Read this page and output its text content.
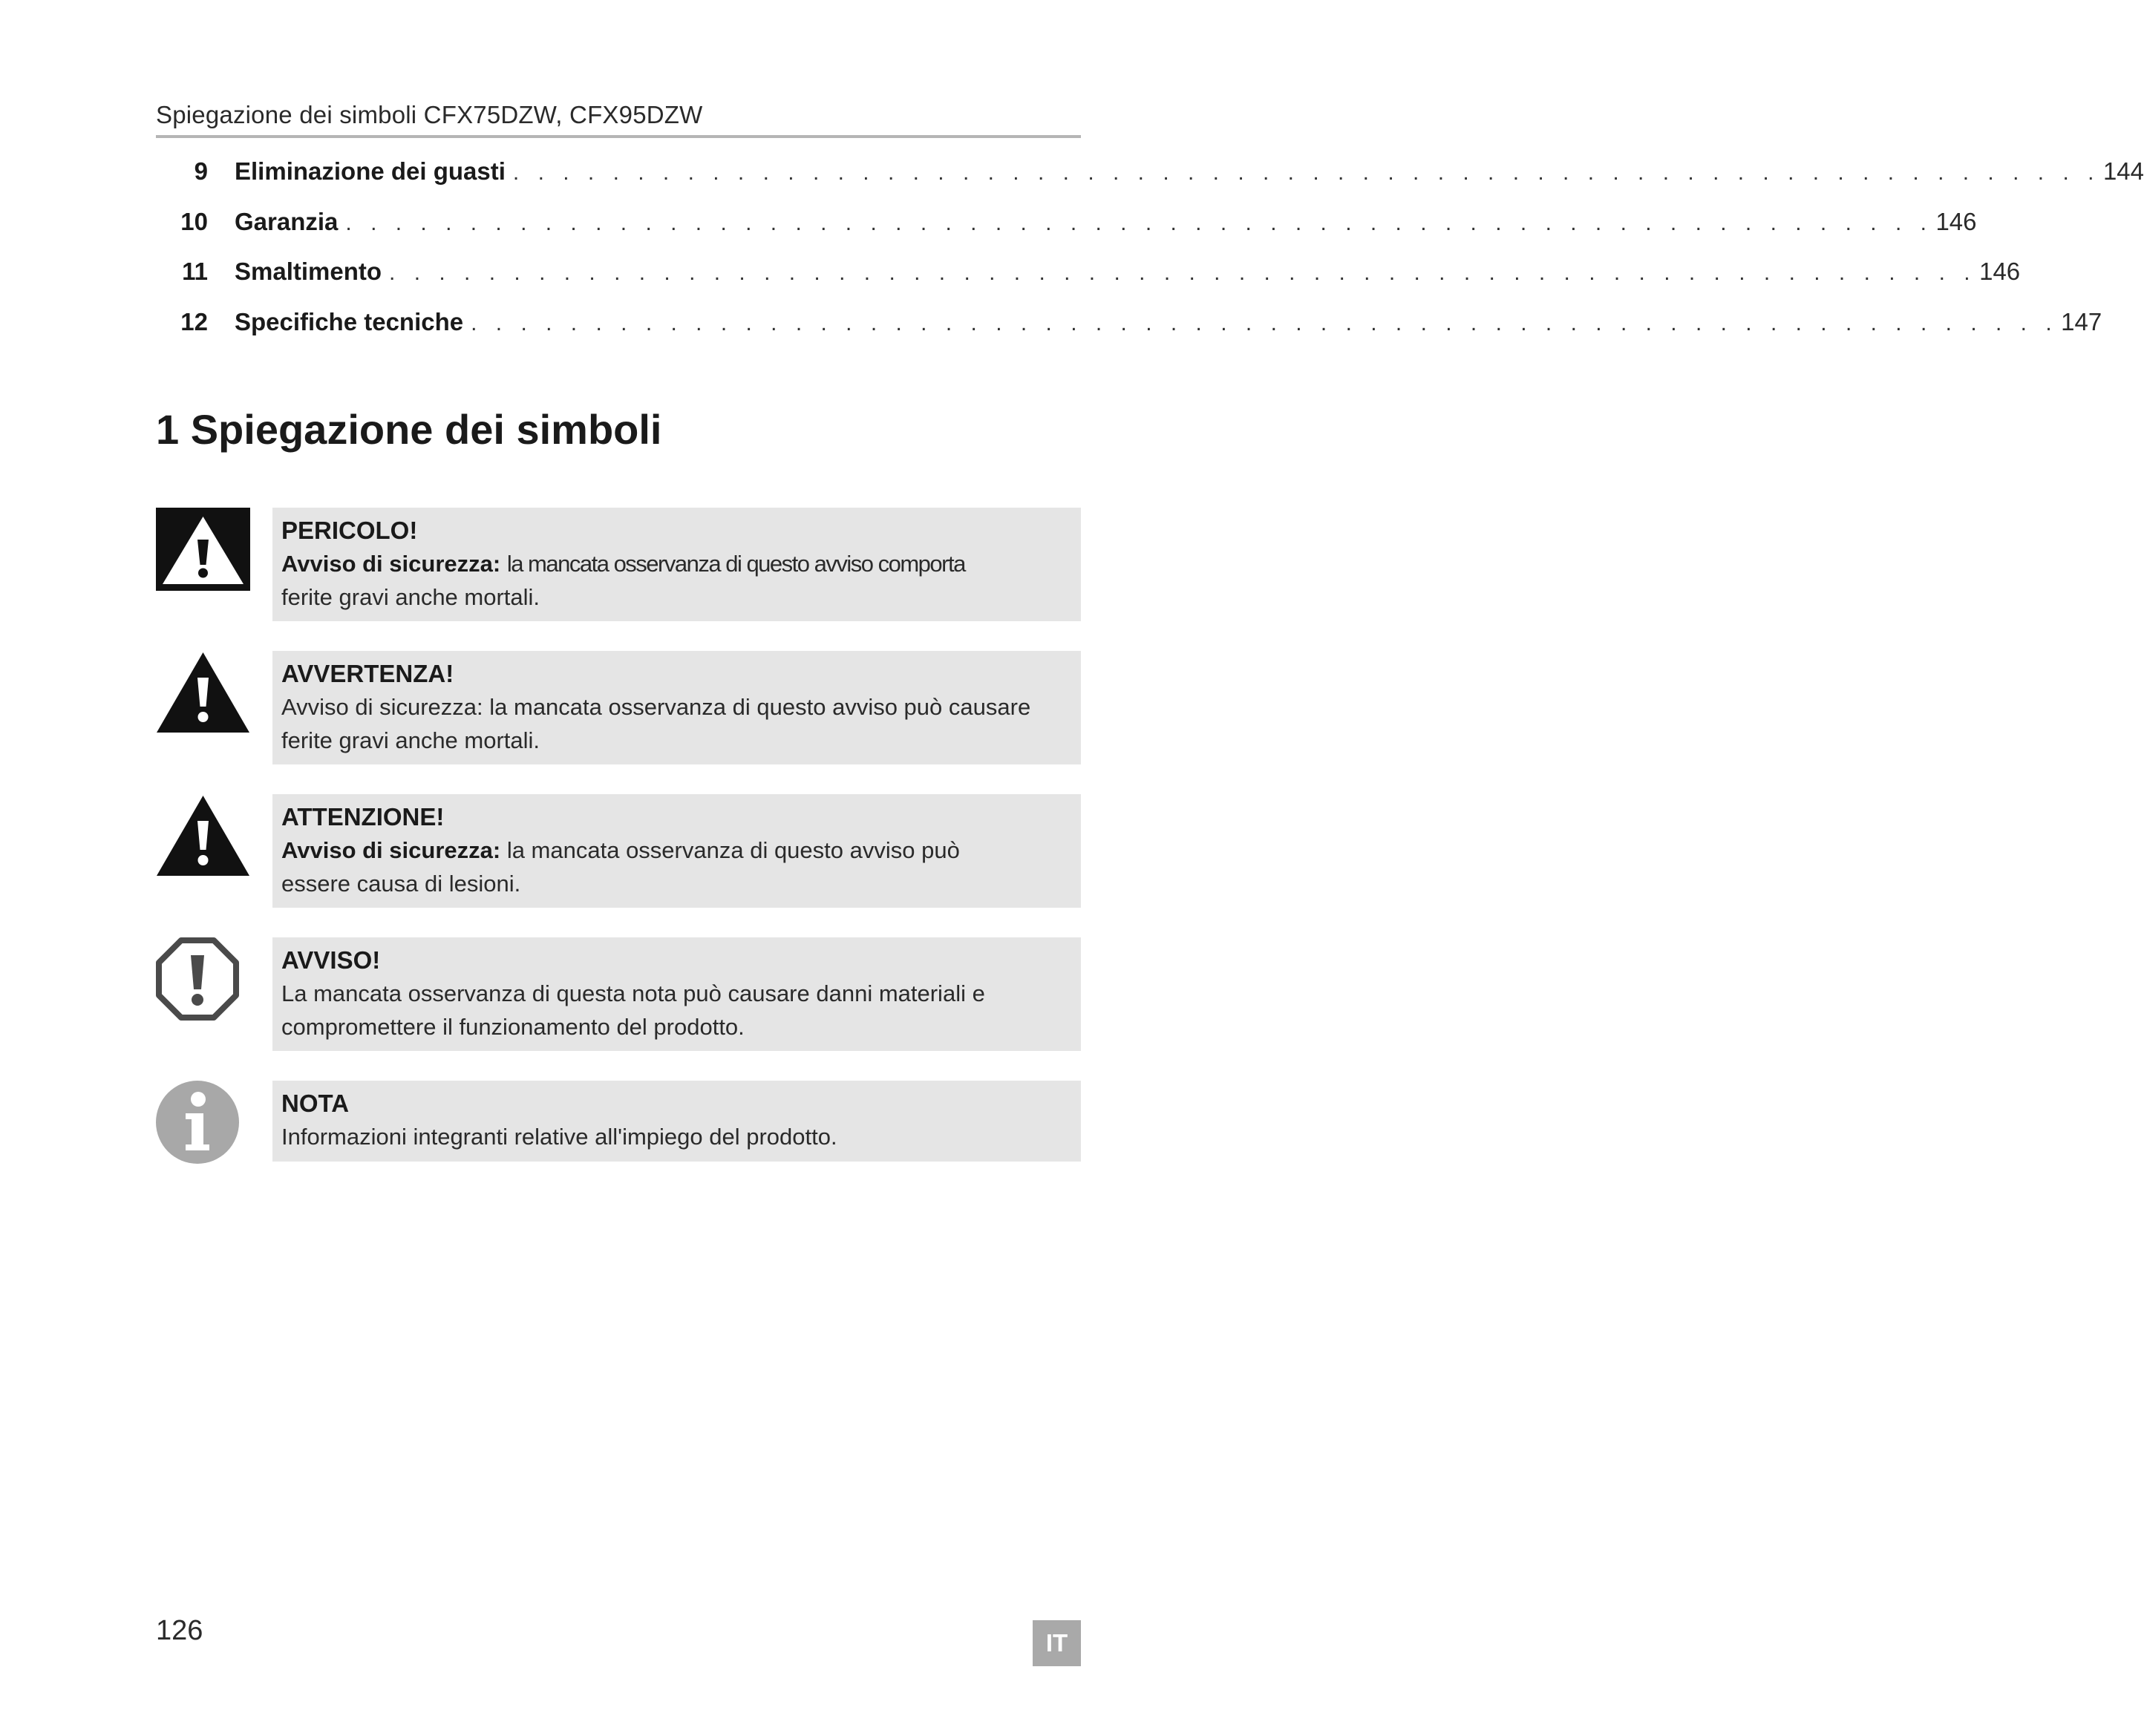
Spiegazione dei simboli CFX75DZW, CFX95DZW
9 Eliminazione dei guasti . . . . . . . . . . . . . . . . . . . . . . . . . . . . . . . . . . . . . . . . . . . . . . . . . . . . . . . . . . . . . . . . 144
10 Garanzia . . . . . . . . . . . . . . . . . . . . . . . . . . . . . . . . . . . . . . . . . . . . . . . . . . . . . . . . . . . . . . . . 146
11 Smaltimento . . . . . . . . . . . . . . . . . . . . . . . . . . . . . . . . . . . . . . . . . . . . . . . . . . . . . . . . . . . . . . . . 146
12 Specifiche tecniche . . . . . . . . . . . . . . . . . . . . . . . . . . . . . . . . . . . . . . . . . . . . . . . . . . . . . . . . . . . . . . . . 147
1 Spiegazione dei simboli
PERICOLO!
Avviso di sicurezza: la mancata osservanza di questo avviso comporta
ferite gravi anche mortali.
AVVERTENZA!
Avviso di sicurezza: la mancata osservanza di questo avviso può causare
ferite gravi anche mortali.
ATTENZIONE!
Avviso di sicurezza: la mancata osservanza di questo avviso può
essere causa di lesioni.
AVVISO!
La mancata osservanza di questa nota può causare danni materiali e
compromettere il funzionamento del prodotto.
NOTA
Informazioni integranti relative all'impiego del prodotto.
126	IT
